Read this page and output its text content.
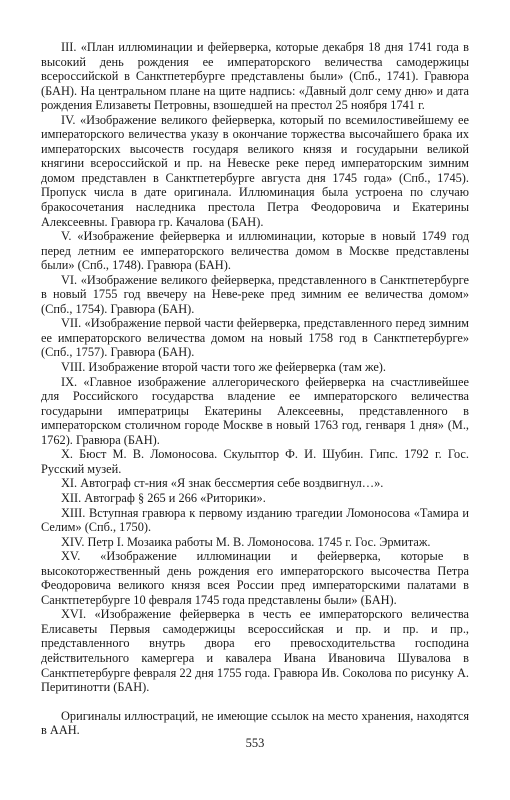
III. «План иллюминации и фейерверка, которые декабря 18 дня 1741 года в высокий день рождения ее императорского величества самодержицы всероссийской в Санктпетербурге представлены были» (Спб., 1741). Гравюра (БАН). На центральном плане на щите надпись: «Давный долг сему дню» и дата рождения Елизаветы Петровны, взошедшей на престол 25 ноября 1741 г.

IV. «Изображение великого фейерверка, который по всемилостивейшему ее императорского величества указу в окончание торжества высочайшего брака их императорских высочеств государя великого князя и государыни великой княгини всероссийской и пр. на Невеске реке перед императорским зимним домом представлен в Санктпетербурге августа дня 1745 года» (Спб., 1745). Пропуск числа в дате оригинала. Иллюминация была устроена по случаю бракосочетания наследника престола Петра Феодоровича и Екатерины Алексеевны. Гравюра гр. Качалова (БАН).

V. «Изображение фейерверка и иллюминации, которые в новый 1749 год перед летним ее императорского величества домом в Москве представлены были» (Спб., 1748). Гравюра (БАН).

VI. «Изображение великого фейерверка, представленного в Санктпетербурге в новый 1755 год ввечеру на Неве-реке пред зимним ее величества домом» (Спб., 1754). Гравюра (БАН).

VII. «Изображение первой части фейерверка, представленного перед зимним ее императорского величества домом на новый 1758 год в Санктпетербурге» (Спб., 1757). Гравюра (БАН).

VIII. Изображение второй части того же фейерверка (там же).

IX. «Главное изображение аллегорического фейерверка на счастливейшее для Российского государства владение ее императорского величества государыни императрицы Екатерины Алексеевны, представленного в императорском столичном городе Москве в новый 1763 год, генваря 1 дня» (М., 1762). Гравюра (БАН).

X. Бюст М. В. Ломоносова. Скульптор Ф. И. Шубин. Гипс. 1792 г. Гос. Русский музей.

XI. Автограф ст-ния «Я знак бессмертия себе воздвигнул…».

XII. Автограф § 265 и 266 «Риторики».

XIII. Вступная гравюра к первому изданию трагедии Ломоносова «Тамира и Селим» (Спб., 1750).

XIV. Петр I. Мозаика работы М. В. Ломоносова. 1745 г. Гос. Эрмитаж.

XV. «Изображение иллюминации и фейерверка, которые в высокоторжественный день рождения его императорского высочества Петра Феодоровича великого князя всея России пред императорскими палатами в Санктпетербурге 10 февраля 1745 года представлены были» (БАН).

XVI. «Изображение фейерверка в честь ее императорского величества Елисаветы Первыя самодержицы всероссийская и пр. и пр. и пр., представленного внутрь двора его превосходительства господина действительного камергера и кавалера Ивана Ивановича Шувалова в Санктпетербурге февраля 22 дня 1755 года. Гравюра Ив. Соколова по рисунку А. Перитинотти (БАН).

Оригиналы иллюстраций, не имеющие ссылок на место хранения, находятся в ААН.

553
